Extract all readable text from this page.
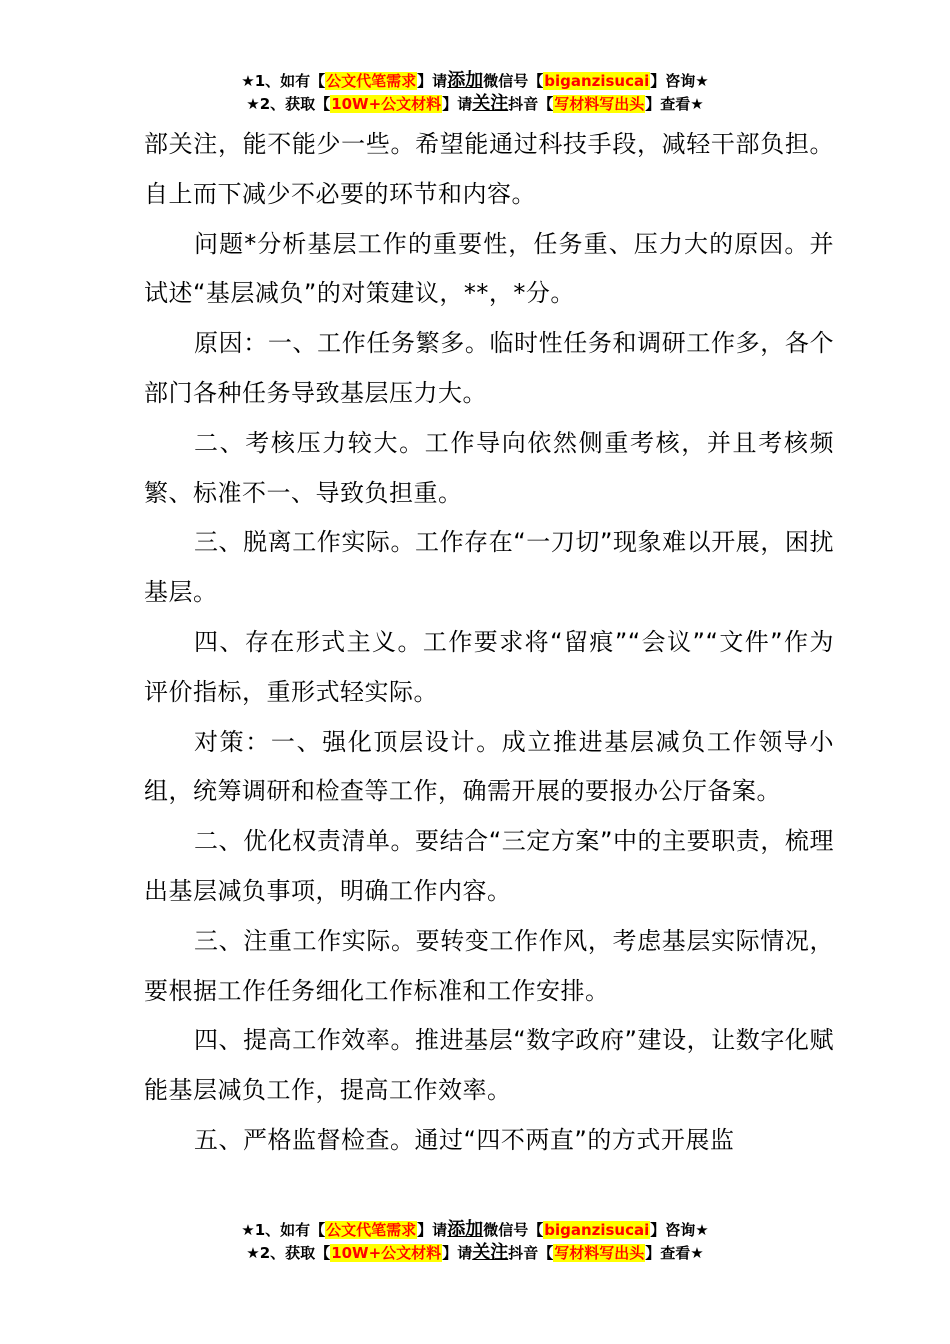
★1、如有【公文代笔需求】请添加微信号【biganzisucai】咨询★
★2、获取【10W+公文材料】请关注抖音【写材料写出头】查看★

部关注，能不能少一些。希望能通过科技手段，减轻干部负担。自上而下减少不必要的环节和内容。

问题*分析基层工作的重要性，任务重、压力大的原因。并试述“基层减负”的对策建议，**，*分。

原因：一、工作任务繁多。临时性任务和调研工作多，各个部门各种任务导致基层压力大。

二、考核压力较大。工作导向依然侧重考核，并且考核频繁、标准不一、导致负担重。

三、脱离工作实际。工作存在“一刀切”现象难以开展，困扰基层。

四、存在形式主义。工作要求将“留痕”“会议”“文件”作为评价指标，重形式轻实际。

对策：一、强化顶层设计。成立推进基层减负工作领导小组，统筹调研和检查等工作，确需开展的要报办公厅备案。

二、优化权责清单。要结合“三定方案”中的主要职责，梳理出基层减负事项，明确工作内容。

三、注重工作实际。要转变工作作风，考虑基层实际情况，要根据工作任务细化工作标准和工作安排。

四、提高工作效率。推进基层“数字政府”建设，让数字化赋能基层减负工作，提高工作效率。

五、严格监督检查。通过“四不两直”的方式开展监

★1、如有【公文代笔需求】请添加微信号【biganzisucai】咨询★
★2、获取【10W+公文材料】请关注抖音【写材料写出头】查看★
